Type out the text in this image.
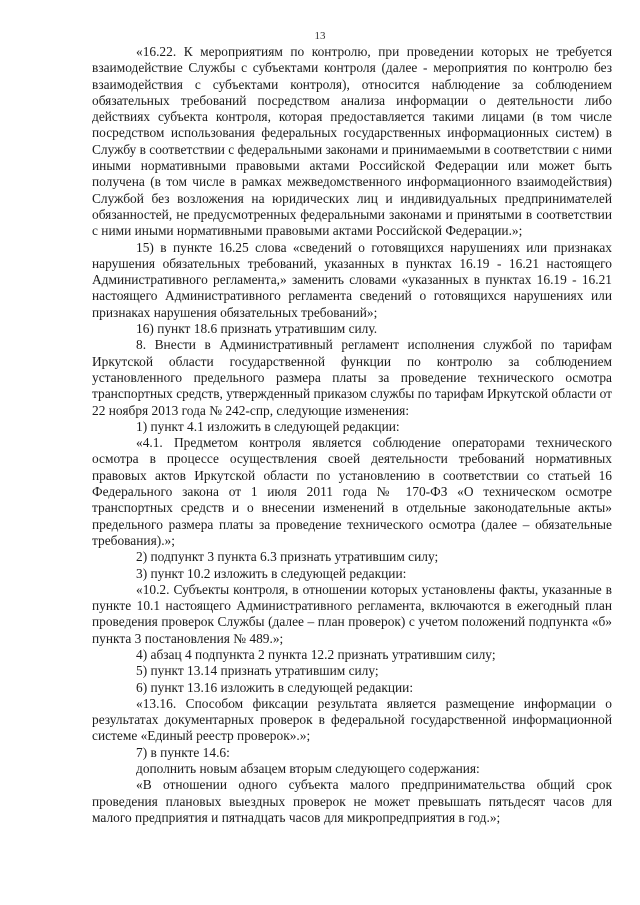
13

«16.22. К мероприятиям по контролю, при проведении которых не требуется взаимодействие Службы с субъектами контроля (далее - мероприятия по контролю без взаимодействия с субъектами контроля), относится наблюдение за соблюдением обязательных требований посредством анализа информации о деятельности либо действиях субъекта контроля, которая предоставляется такими лицами (в том числе посредством использования федеральных государственных информационных систем) в Службу в соответствии с федеральными законами и принимаемыми в соответствии с ними иными нормативными правовыми актами Российской Федерации или может быть получена (в том числе в рамках межведомственного информационного взаимодействия) Службой без возложения на юридических лиц и индивидуальных предпринимателей обязанностей, не предусмотренных федеральными законами и принятыми в соответствии с ними иными нормативными правовыми актами Российской Федерации.»;

15) в пункте 16.25 слова «сведений о готовящихся нарушениях или признаках нарушения обязательных требований, указанных в пунктах 16.19 - 16.21 настоящего Административного регламента,» заменить словами «указанных в пунктах 16.19 - 16.21 настоящего Административного регламента сведений о готовящихся нарушениях или признаках нарушения обязательных требований»;

16) пункт 18.6 признать утратившим силу.

8. Внести в Административный регламент исполнения службой по тарифам Иркутской области государственной функции по контролю за соблюдением установленного предельного размера платы за проведение технического осмотра транспортных средств, утвержденный приказом службы по тарифам Иркутской области от 22 ноября 2013 года № 242-спр, следующие изменения:

1) пункт 4.1 изложить в следующей редакции:

«4.1. Предметом контроля является соблюдение операторами технического осмотра в процессе осуществления своей деятельности требований нормативных правовых актов Иркутской области по установлению в соответствии со статьей 16 Федерального закона от 1 июля 2011 года № 170-ФЗ «О техническом осмотре транспортных средств и о внесении изменений в отдельные законодательные акты» предельного размера платы за проведение технического осмотра (далее – обязательные требования).»;

2) подпункт 3 пункта 6.3 признать утратившим силу;

3) пункт 10.2 изложить в следующей редакции:

«10.2. Субъекты контроля, в отношении которых установлены факты, указанные в пункте 10.1 настоящего Административного регламента, включаются в ежегодный план проведения проверок Службы (далее – план проверок) с учетом положений подпункта «б» пункта 3 постановления № 489.»;

4) абзац 4 подпункта 2 пункта 12.2 признать утратившим силу;

5) пункт 13.14 признать утратившим силу;

6) пункт 13.16 изложить в следующей редакции:

«13.16. Способом фиксации результата является размещение информации о результатах документарных проверок в федеральной государственной информационной системе «Единый реестр проверок».»;

7) в пункте 14.6:

дополнить новым абзацем вторым следующего содержания:

«В отношении одного субъекта малого предпринимательства общий срок проведения плановых выездных проверок не может превышать пятьдесят часов для малого предприятия и пятнадцать часов для микропредприятия в год.»;
